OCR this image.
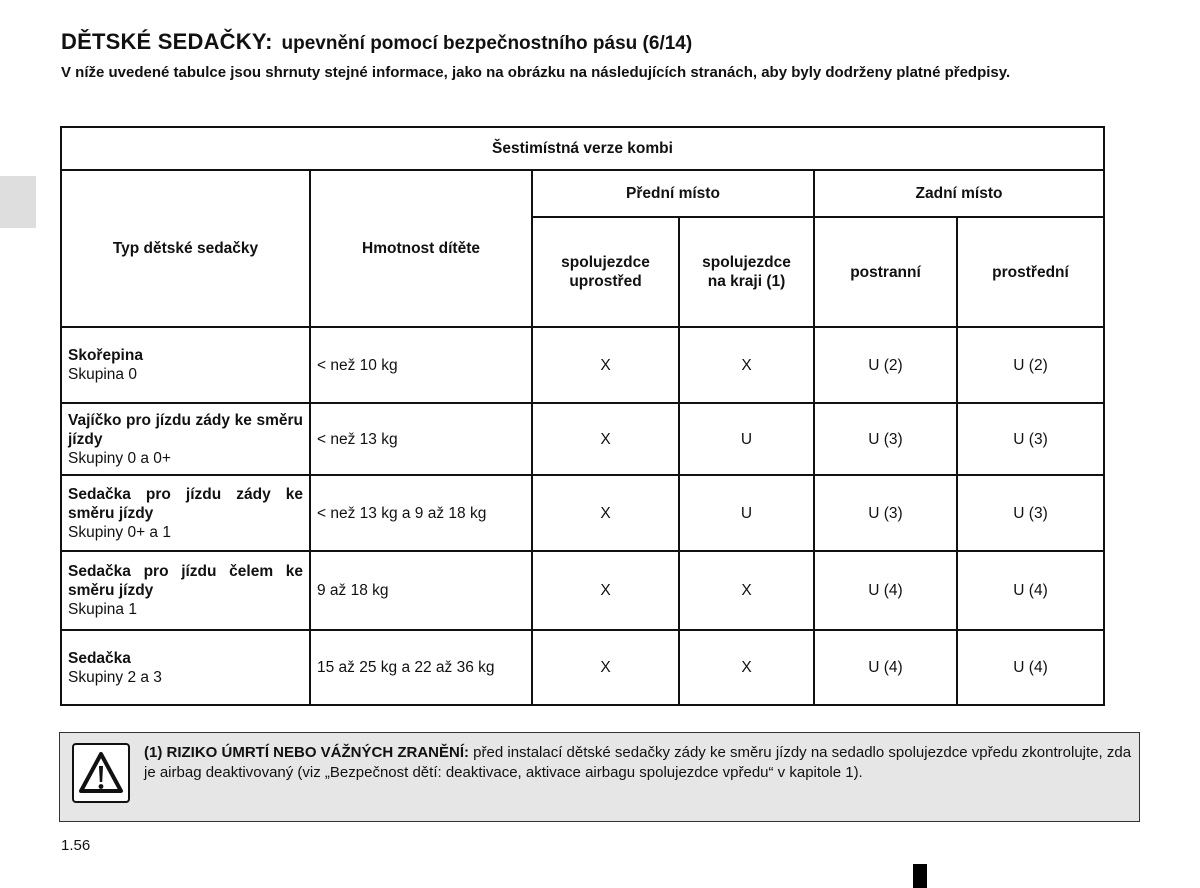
DĚTSKÉ SEDAČKY: upevnění pomocí bezpečnostního pásu (6/14)
V níže uvedené tabulce jsou shrnuty stejné informace, jako na obrázku na následujících stranách, aby byly dodrženy platné předpisy.
Šestimístná verze kombi					
Typ dětské sedačky	Hmotnost dítěte	Přední místo		Zadní místo	
		spolujezdce uprostřed	spolujezdce na kraji (1)	postranní	prostřední

Skořepina
Skupina 0	< než 10 kg	X	X	U (2)	U (2)

Vajíčko pro jízdu zády ke směru jízdy
Skupiny 0 a 0+	< než 13 kg	X	U	U (3)	U (3)

Sedačka pro jízdu zády ke směru jízdy
Skupiny 0+ a 1	< než 13 kg a 9 až 18 kg	X	U	U (3)	U (3)

Sedačka pro jízdu čelem ke směru jízdy
Skupina 1	9 až 18 kg	X	X	U (4)	U (4)

Sedačka
Skupiny 2 a 3	15 až 25 kg a 22 až 36 kg	X	X	U (4)	U (4)
(1) RIZIKO ÚMRTÍ NEBO VÁŽNÝCH ZRANĚNÍ: před instalací dětské sedačky zády ke směru jízdy na sedadlo spolujezdce vpředu zkontrolujte, zda je airbag deaktivovaný (viz „Bezpečnost dětí: deaktivace, aktivace airbagu spolujezdce vpředu“ v kapitole 1).
1.56
